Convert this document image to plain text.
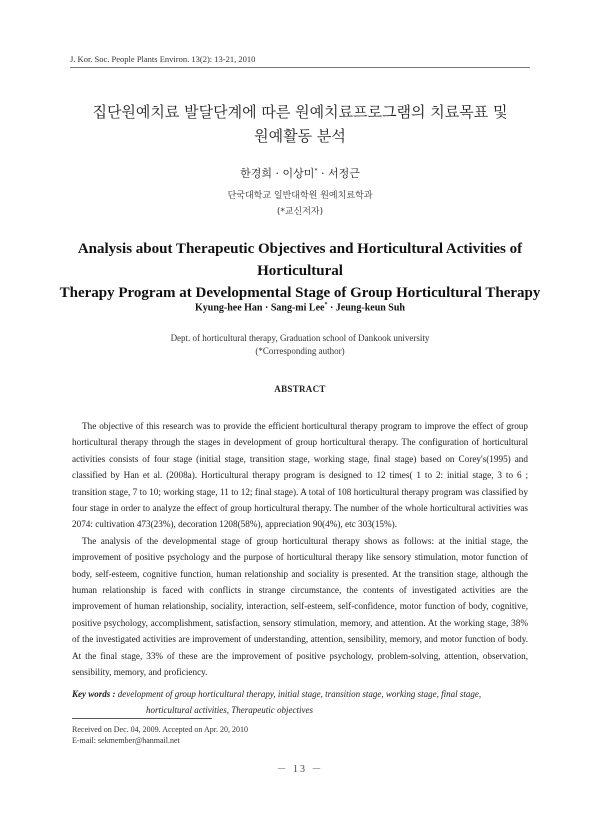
J. Kor. Soc. People Plants Environ. 13(2): 13-21, 2010
집단원예치료 발달단계에 따른 원예치료프로그램의 치료목표 및
원예활동 분석
한경희 · 이상미* · 서정근
단국대학교 일반대학원 원예치료학과
(*교신저자)
Analysis about Therapeutic Objectives and Horticultural Activities of Horticultural
Therapy Program at Developmental Stage of Group Horticultural Therapy
Kyung-hee Han · Sang-mi Lee* · Jeung-keun Suh
Dept. of horticultural therapy, Graduation school of Dankook university
(*Corresponding author)
ABSTRACT

The objective of this research was to provide the efficient horticultural therapy program to improve the effect of group horticultural therapy through the stages in development of group horticultural therapy. The configuration of horticultural activities consists of four stage (initial stage, transition stage, working stage, final stage) based on Corey's(1995) and classified by Han et al. (2008a). Horticultural therapy program is designed to 12 times( 1 to 2: initial stage, 3 to 6 ; transition stage, 7 to 10; working stage, 11 to 12; final stage). A total of 108 horticultural therapy program was classified by four stage in order to analyze the effect of group horticultural therapy. The number of the whole horticultural activities was 2074: cultivation 473(23%), decoration 1208(58%), appreciation 90(4%), etc 303(15%).

The analysis of the developmental stage of group horticultural therapy shows as follows: at the initial stage, the improvement of positive psychology and the purpose of horticultural therapy like sensory stimulation, motor function of body, self-esteem, cognitive function, human relationship and sociality is presented. At the transition stage, although the human relationship is faced with conflicts in strange circumstance, the contents of investigated activities are the improvement of human relationship, sociality, interaction, self-esteem, self-confidence, motor function of body, cognitive, positive psychology, accomplishment, satisfaction, sensory stimulation, memory, and attention. At the working stage, 38% of the investigated activities are improvement of understanding, attention, sensibility, memory, and motor function of body. At the final stage, 33% of these are the improvement of positive psychology, problem-solving, attention, observation, sensibility, memory, and proficiency.

Key words : development of group horticultural therapy, initial stage, transition stage, working stage, final stage,
horticultural activities, Therapeutic objectives
Received on Dec. 04, 2009. Accepted on Apr. 20, 2010
E-mail: sekmember@hanmail.net
－ 13 －
